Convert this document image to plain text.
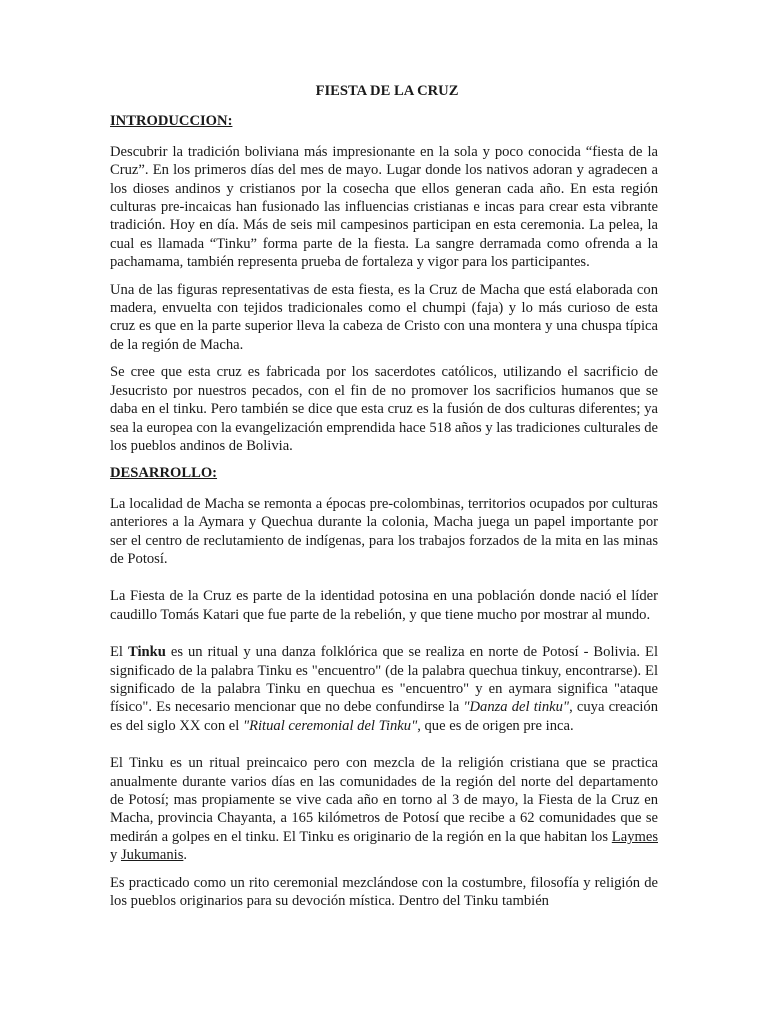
FIESTA DE LA CRUZ
INTRODUCCION:

Descubrir la tradición boliviana más impresionante en la sola y poco conocida “fiesta de la Cruz”. En los primeros días del mes de mayo. Lugar donde los nativos adoran y agradecen a los dioses andinos y cristianos por la cosecha que ellos generan cada año. En esta región culturas pre-incaicas han fusionado las influencias cristianas e incas para crear esta vibrante tradición. Hoy en día. Más de seis mil campesinos participan en esta ceremonia. La pelea, la cual es llamada “Tinku” forma parte de la fiesta. La sangre derramada como ofrenda a la pachamama, también representa prueba de fortaleza y vigor para los participantes.

Una de las figuras representativas de esta fiesta, es la Cruz de Macha que está elaborada con madera, envuelta con tejidos tradicionales como el chumpi (faja) y lo más curioso de esta cruz es que en la parte superior lleva la cabeza de Cristo con una montera y una chuspa típica de la región de Macha.

Se cree que esta cruz es fabricada por los sacerdotes católicos, utilizando el sacrificio de Jesucristo por nuestros pecados, con el fin de no promover los sacrificios humanos que se daba en el tinku. Pero también se dice que esta cruz es la fusión de dos culturas diferentes; ya sea la europea con la evangelización emprendida hace 518 años y las tradiciones culturales de los pueblos andinos de Bolivia.

DESARROLLO:

La localidad de Macha se remonta a épocas pre-colombinas, territorios ocupados por culturas anteriores a la Aymara y Quechua durante la colonia, Macha juega un papel importante por ser el centro de reclutamiento de indígenas, para los trabajos forzados de la mita en las minas de Potosí.

La Fiesta de la Cruz es parte de la identidad potosina en una población donde nació el líder caudillo Tomás Katari que fue parte de la rebelión, y que tiene mucho por mostrar al mundo.

El Tinku es un ritual y una danza folklórica que se realiza en norte de Potosí - Bolivia. El significado de la palabra Tinku es "encuentro" (de la palabra quechua tinkuy, encontrarse). El significado de la palabra Tinku en quechua es "encuentro" y en aymara significa "ataque físico". Es necesario mencionar que no debe confundirse la "Danza del tinku", cuya creación es del siglo XX con el "Ritual ceremonial del Tinku", que es de origen pre inca.

El Tinku es un ritual preincaico pero con mezcla de la religión cristiana que se practica anualmente durante varios días en las comunidades de la región del norte del departamento de Potosí; mas propiamente se vive cada año en torno al 3 de mayo, la Fiesta de la Cruz en Macha, provincia Chayanta, a 165 kilómetros de Potosí que recibe a 62 comunidades que se medirán a golpes en el tinku. El Tinku es originario de la región en la que habitan los Laymes y Jukumanis.

Es practicado como un rito ceremonial mezclándose con la costumbre, filosofía y religión de los pueblos originarios para su devoción mística. Dentro del Tinku también
